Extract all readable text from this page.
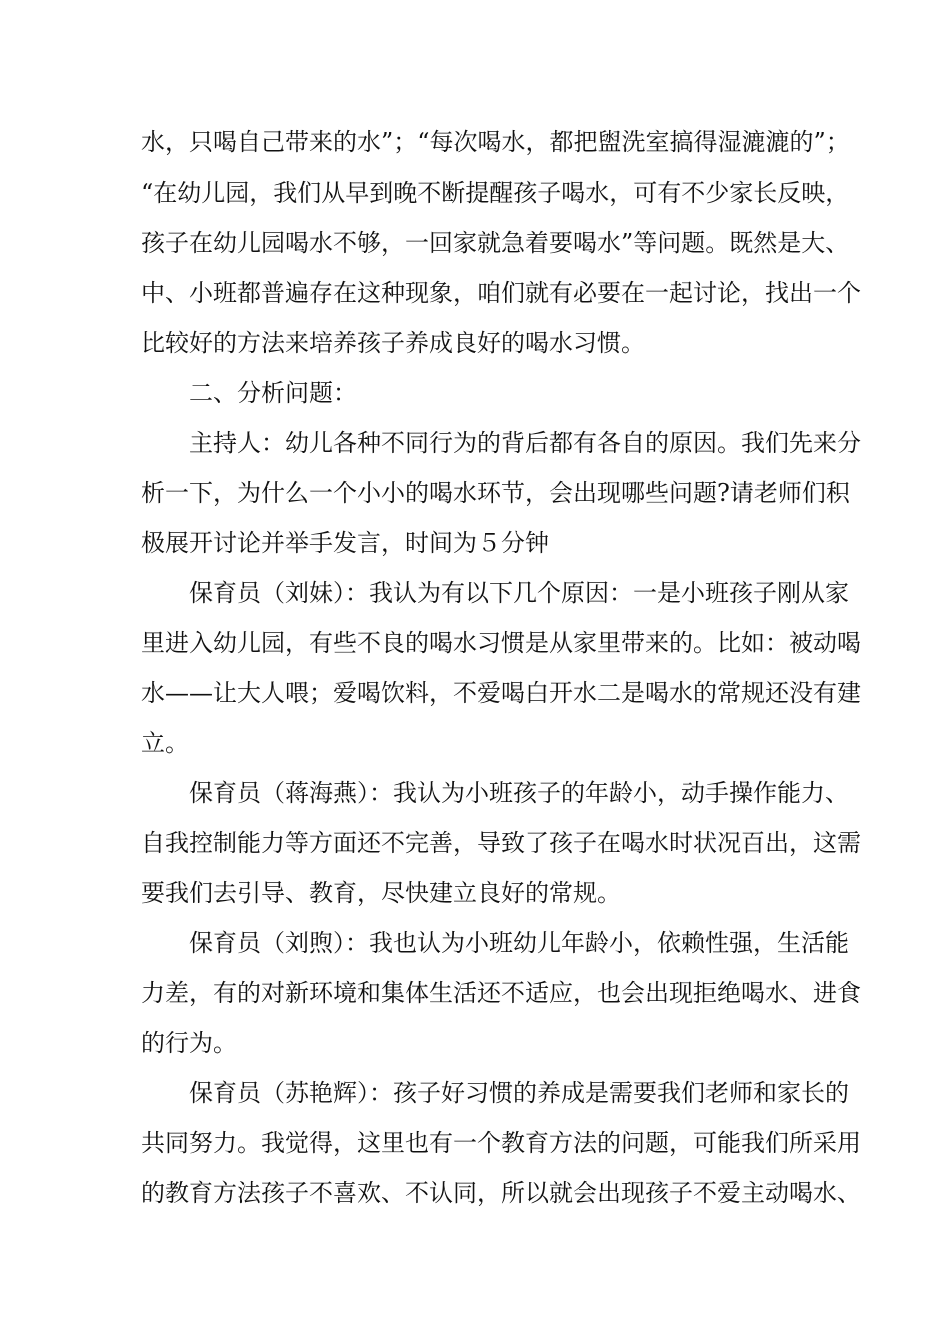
水，只喝自己带来的水”；“每次喝水，都把盥洗室搞得湿漉漉的”；
“在幼儿园，我们从早到晚不断提醒孩子喝水，可有不少家长反映，
孩子在幼儿园喝水不够，一回家就急着要喝水”等问题。既然是大、
中、小班都普遍存在这种现象，咱们就有必要在一起讨论，找出一个
比较好的方法来培养孩子养成良好的喝水习惯。
二、分析问题：
主持人：幼儿各种不同行为的背后都有各自的原因。我们先来分
析一下，为什么一个小小的喝水环节，会出现哪些问题?请老师们积
极展开讨论并举手发言，时间为５分钟
保育员（刘妹）：我认为有以下几个原因：一是小班孩子刚从家
里进入幼儿园，有些不良的喝水习惯是从家里带来的。比如：被动喝
水——让大人喂；爱喝饮料，不爱喝白开水二是喝水的常规还没有建
立。
保育员（蒋海燕）：我认为小班孩子的年龄小，动手操作能力、
自我控制能力等方面还不完善，导致了孩子在喝水时状况百出，这需
要我们去引导、教育，尽快建立良好的常规。
保育员（刘煦）：我也认为小班幼儿年龄小，依赖性强，生活能
力差，有的对新环境和集体生活还不适应，也会出现拒绝喝水、进食
的行为。
保育员（苏艳辉）：孩子好习惯的养成是需要我们老师和家长的
共同努力。我觉得，这里也有一个教育方法的问题，可能我们所采用
的教育方法孩子不喜欢、不认同，所以就会出现孩子不爱主动喝水、
